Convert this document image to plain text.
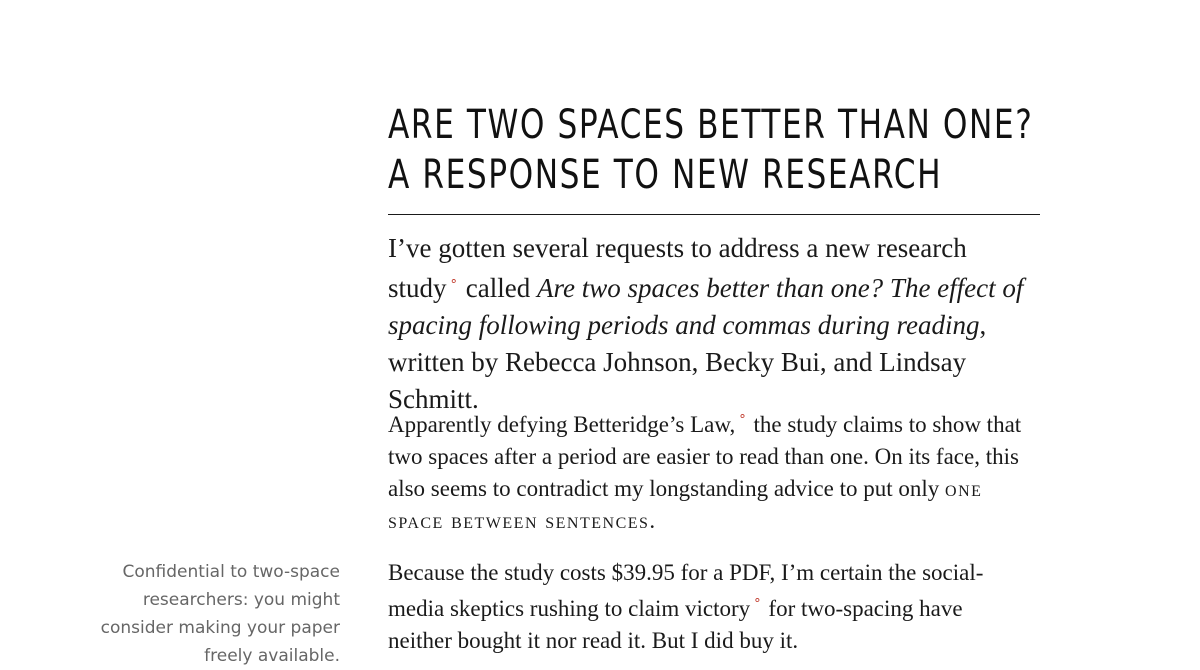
ARE TWO SPACES BETTER THAN ONE?
A RESPONSE TO NEW RESEARCH

I’ve gotten several requests to address a new research study ° called Are two spaces better than one? The effect of spacing following periods and commas during reading, written by Rebecca Johnson, Becky Bui, and Lindsay Schmitt.

Apparently defying Betteridge’s Law, ° the study claims to show that two spaces after a period are easier to read than one. On its face, this also seems to contradict my longstanding advice to put only one space between sentences.

Because the study costs $39.95 for a PDF, I’m certain the social-media skeptics rushing to claim victory ° for two-spacing have neither bought it nor read it. But I did buy it.

Confidential to two-space researchers: you might consider making your paper freely available.
